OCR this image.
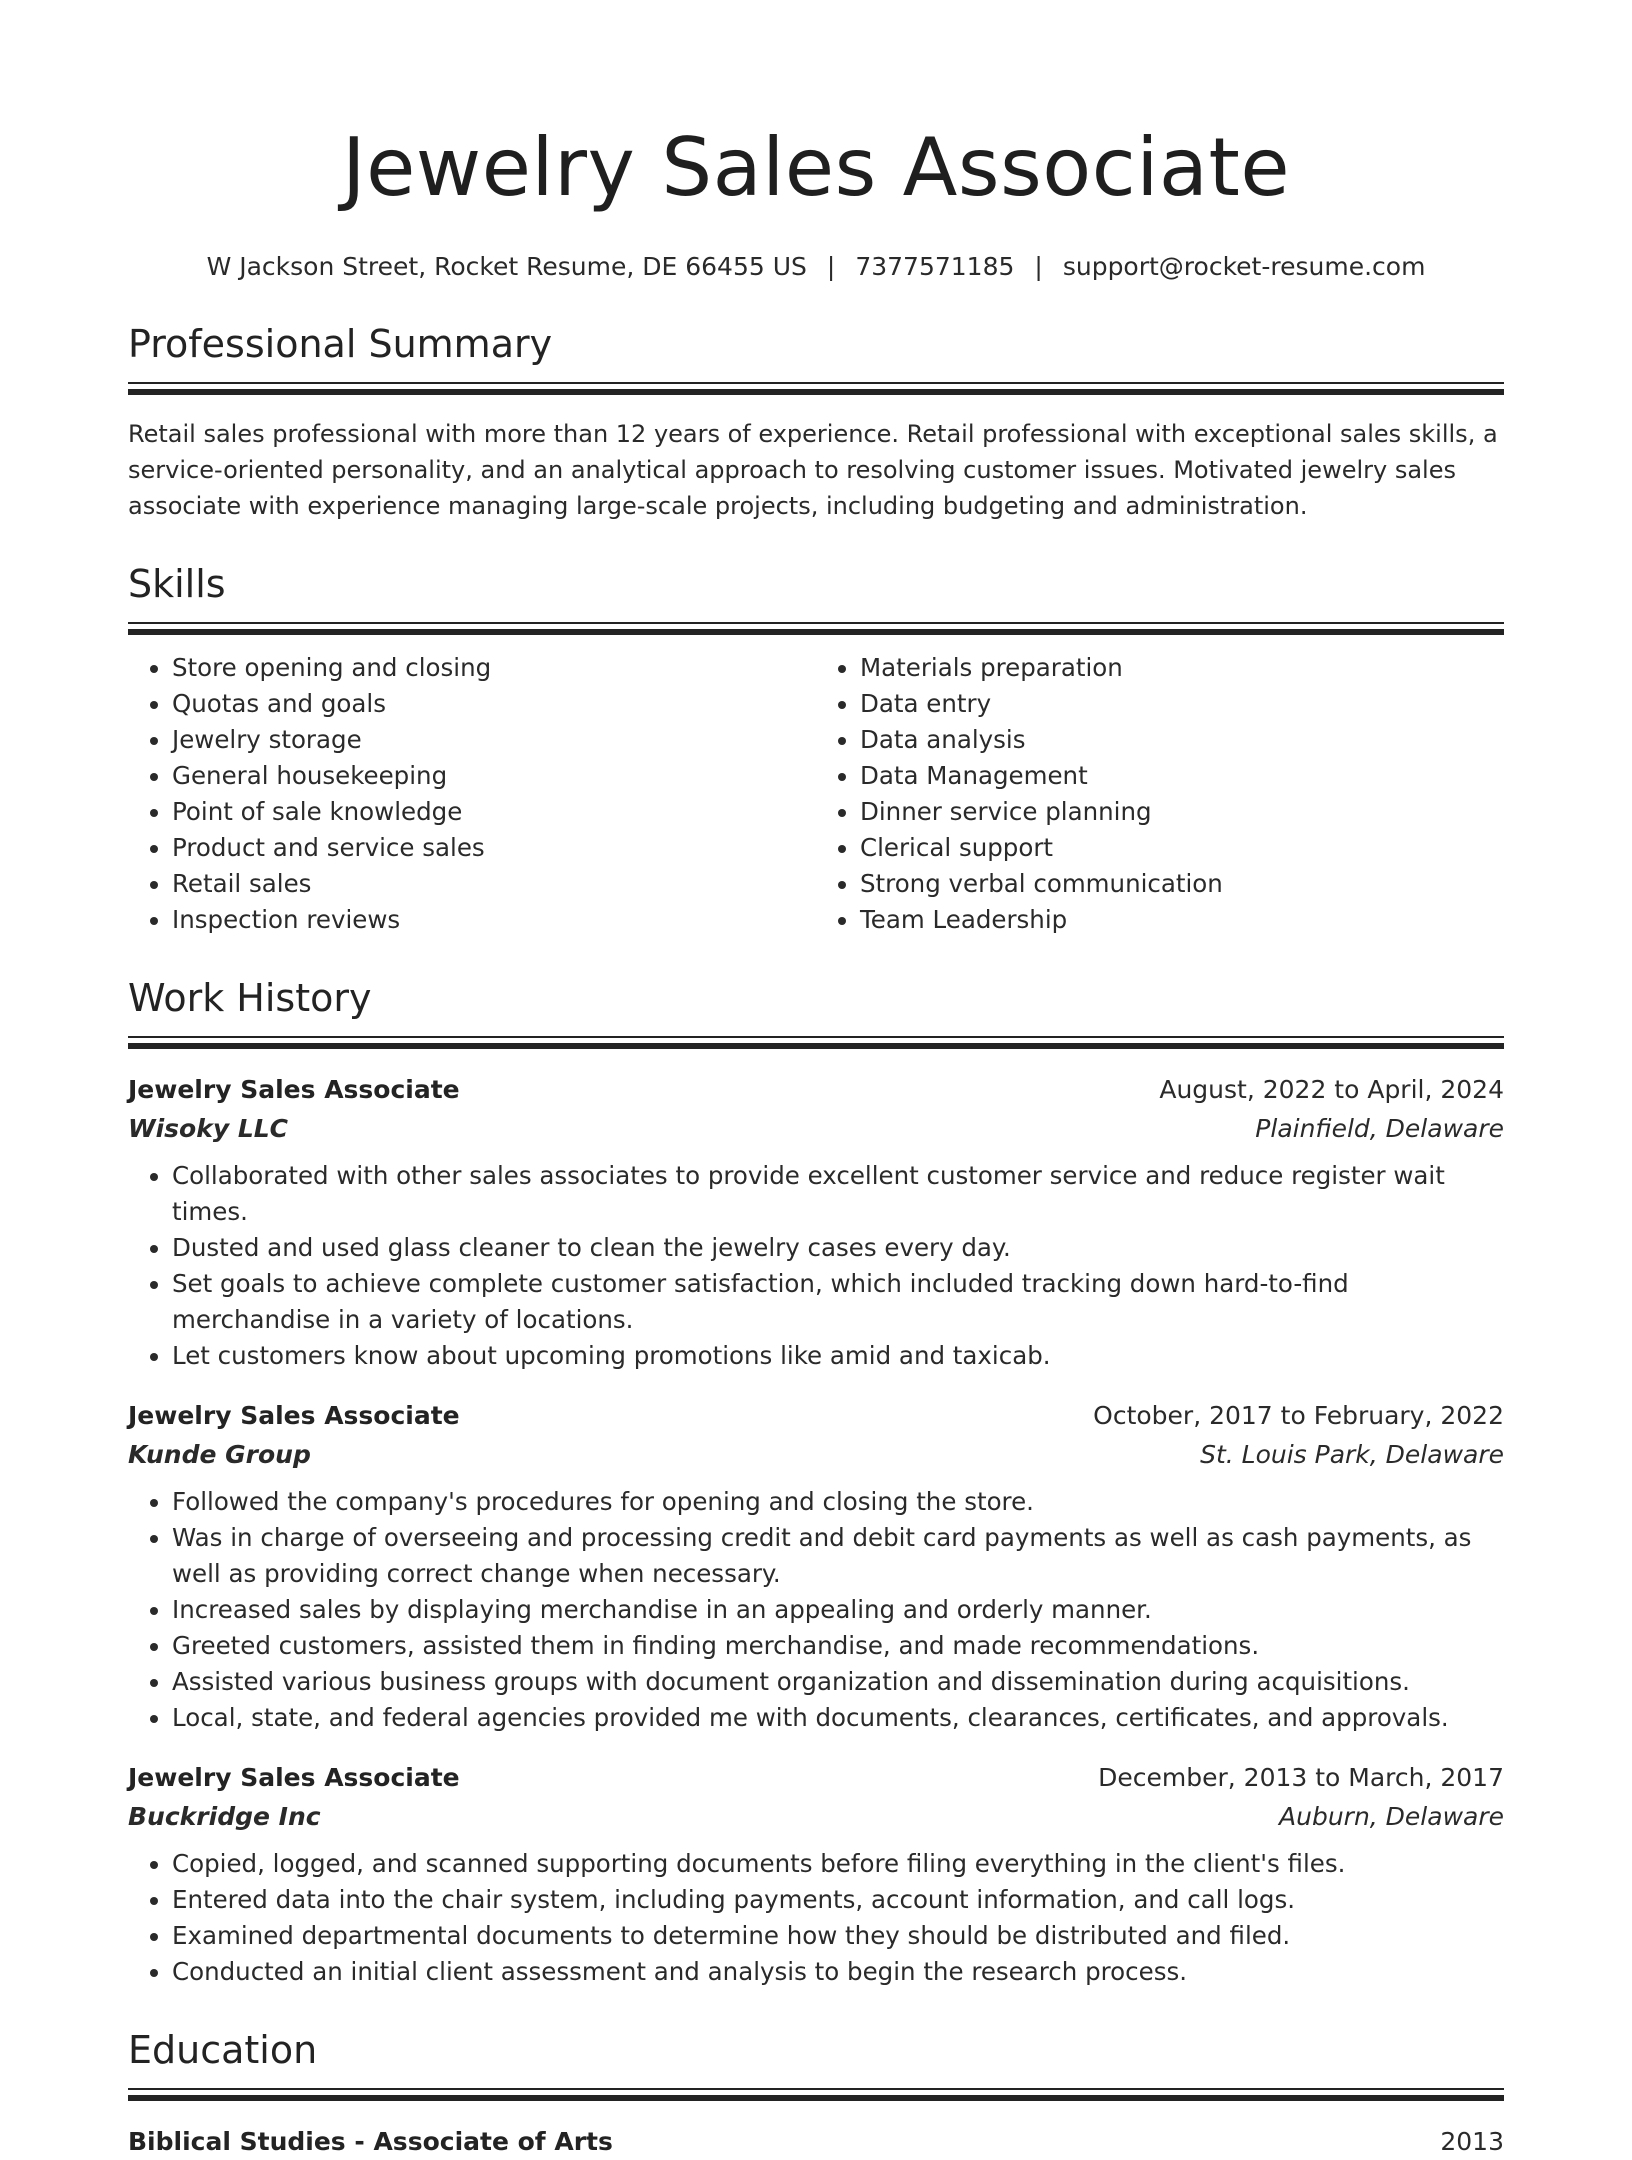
Jewelry Sales Associate
W Jackson Street, Rocket Resume, DE 66455 US | 7377571185 | support@rocket-resume.com
Professional Summary

Retail sales professional with more than 12 years of experience. Retail professional with exceptional sales skills, a service-oriented personality, and an analytical approach to resolving customer issues. Motivated jewelry sales associate with experience managing large-scale projects, including budgeting and administration.

Skills
• Store opening and closing
• Quotas and goals
• Jewelry storage
• General housekeeping
• Point of sale knowledge
• Product and service sales
• Retail sales
• Inspection reviews
• Materials preparation
• Data entry
• Data analysis
• Data Management
• Dinner service planning
• Clerical support
• Strong verbal communication
• Team Leadership
Work History
Jewelry Sales Associate	August, 2022 to April, 2024
Wisoky LLC	Plainfield, Delaware
• Collaborated with other sales associates to provide excellent customer service and reduce register wait times.
• Dusted and used glass cleaner to clean the jewelry cases every day.
• Set goals to achieve complete customer satisfaction, which included tracking down hard-to-find merchandise in a variety of locations.
• Let customers know about upcoming promotions like amid and taxicab.
Jewelry Sales Associate	October, 2017 to February, 2022
Kunde Group	St. Louis Park, Delaware
• Followed the company's procedures for opening and closing the store.
• Was in charge of overseeing and processing credit and debit card payments as well as cash payments, as well as providing correct change when necessary.
• Increased sales by displaying merchandise in an appealing and orderly manner.
• Greeted customers, assisted them in finding merchandise, and made recommendations.
• Assisted various business groups with document organization and dissemination during acquisitions.
• Local, state, and federal agencies provided me with documents, clearances, certificates, and approvals.
Jewelry Sales Associate	December, 2013 to March, 2017
Buckridge Inc	Auburn, Delaware
• Copied, logged, and scanned supporting documents before filing everything in the client's files.
• Entered data into the chair system, including payments, account information, and call logs.
• Examined departmental documents to determine how they should be distributed and filed.
• Conducted an initial client assessment and analysis to begin the research process.
Education
Biblical Studies - Associate of Arts	2013
